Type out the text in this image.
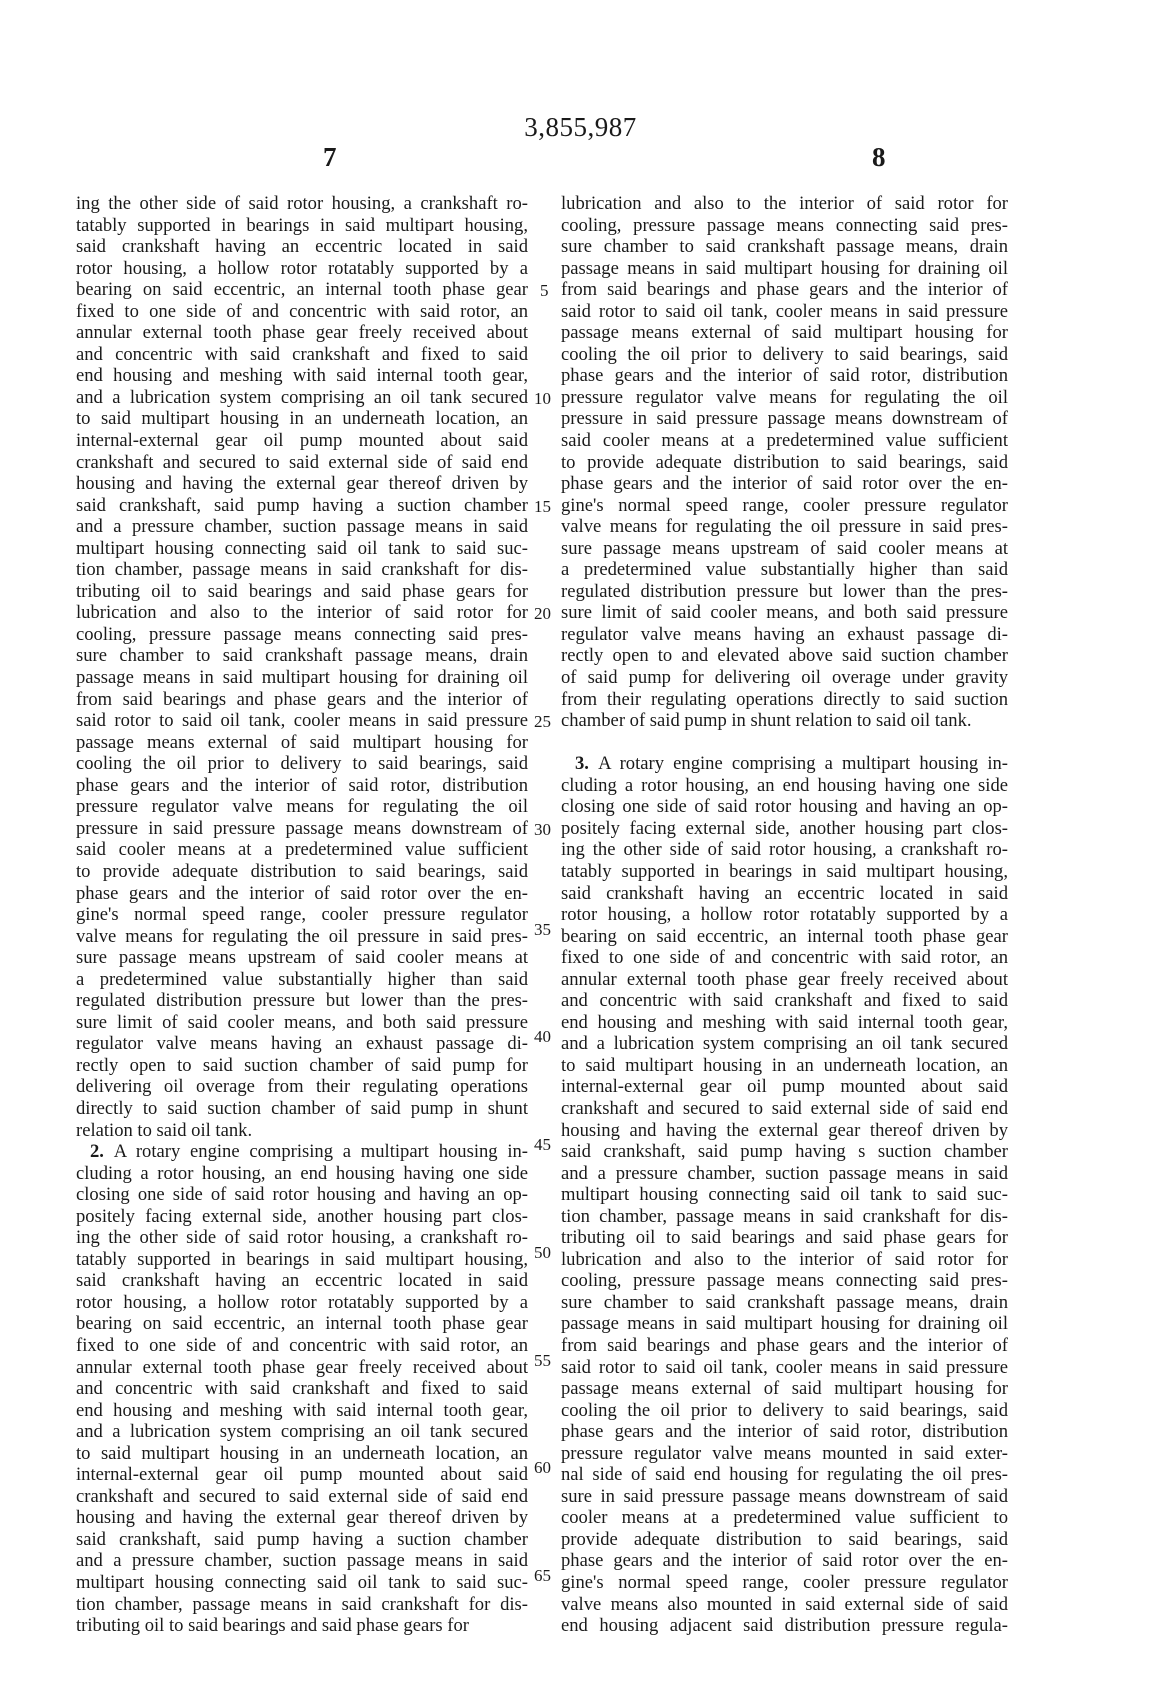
3,855,987
7	8
ing the other side of said rotor housing, a crankshaft ro-
tatably supported in bearings in said multipart housing,
said crankshaft having an eccentric located in said
rotor housing, a hollow rotor rotatably supported by a
bearing on said eccentric, an internal tooth phase gear
fixed to one side of and concentric with said rotor, an
annular external tooth phase gear freely received about
and concentric with said crankshaft and fixed to said
end housing and meshing with said internal tooth gear,
and a lubrication system comprising an oil tank secured
to said multipart housing in an underneath location, an
internal-external gear oil pump mounted about said
crankshaft and secured to said external side of said end
housing and having the external gear thereof driven by
said crankshaft, said pump having a suction chamber
and a pressure chamber, suction passage means in said
multipart housing connecting said oil tank to said suc-
tion chamber, passage means in said crankshaft for dis-
tributing oil to said bearings and said phase gears for
lubrication and also to the interior of said rotor for
cooling, pressure passage means connecting said pres-
sure chamber to said crankshaft passage means, drain
passage means in said multipart housing for draining oil
from said bearings and phase gears and the interior of
said rotor to said oil tank, cooler means in said pressure
passage means external of said multipart housing for
cooling the oil prior to delivery to said bearings, said
phase gears and the interior of said rotor, distribution
pressure regulator valve means for regulating the oil
pressure in said pressure passage means downstream of
said cooler means at a predetermined value sufficient
to provide adequate distribution to said bearings, said
phase gears and the interior of said rotor over the en-
gine's normal speed range, cooler pressure regulator
valve means for regulating the oil pressure in said pres-
sure passage means upstream of said cooler means at
a predetermined value substantially higher than said
regulated distribution pressure but lower than the pres-
sure limit of said cooler means, and both said pressure
regulator valve means having an exhaust passage di-
rectly open to said suction chamber of said pump for
delivering oil overage from their regulating operations
directly to said suction chamber of said pump in shunt
relation to said oil tank.
2. A rotary engine comprising a multipart housing in-
cluding a rotor housing, an end housing having one side
closing one side of said rotor housing and having an op-
positely facing external side, another housing part clos-
ing the other side of said rotor housing, a crankshaft ro-
tatably supported in bearings in said multipart housing,
said crankshaft having an eccentric located in said
rotor housing, a hollow rotor rotatably supported by a
bearing on said eccentric, an internal tooth phase gear
fixed to one side of and concentric with said rotor, an
annular external tooth phase gear freely received about
and concentric with said crankshaft and fixed to said
end housing and meshing with said internal tooth gear,
and a lubrication system comprising an oil tank secured
to said multipart housing in an underneath location, an
internal-external gear oil pump mounted about said
crankshaft and secured to said external side of said end
housing and having the external gear thereof driven by
said crankshaft, said pump having a suction chamber
and a pressure chamber, suction passage means in said
multipart housing connecting said oil tank to said suc-
tion chamber, passage means in said crankshaft for dis-
tributing oil to said bearings and said phase gears for
lubrication and also to the interior of said rotor for
cooling, pressure passage means connecting said pres-
sure chamber to said crankshaft passage means, drain
passage means in said multipart housing for draining oil
from said bearings and phase gears and the interior of
said rotor to said oil tank, cooler means in said pressure
passage means external of said multipart housing for
cooling the oil prior to delivery to said bearings, said
phase gears and the interior of said rotor, distribution
pressure regulator valve means for regulating the oil
pressure in said pressure passage means downstream of
said cooler means at a predetermined value sufficient
to provide adequate distribution to said bearings, said
phase gears and the interior of said rotor over the en-
gine's normal speed range, cooler pressure regulator
valve means for regulating the oil pressure in said pres-
sure passage means upstream of said cooler means at
a predetermined value substantially higher than said
regulated distribution pressure but lower than the pres-
sure limit of said cooler means, and both said pressure
regulator valve means having an exhaust passage di-
rectly open to and elevated above said suction chamber
of said pump for delivering oil overage under gravity
from their regulating operations directly to said suction
chamber of said pump in shunt relation to said oil tank.
3. A rotary engine comprising a multipart housing in-
cluding a rotor housing, an end housing having one side
closing one side of said rotor housing and having an op-
positely facing external side, another housing part clos-
ing the other side of said rotor housing, a crankshaft ro-
tatably supported in bearings in said multipart housing,
said crankshaft having an eccentric located in said
rotor housing, a hollow rotor rotatably supported by a
bearing on said eccentric, an internal tooth phase gear
fixed to one side of and concentric with said rotor, an
annular external tooth phase gear freely received about
and concentric with said crankshaft and fixed to said
end housing and meshing with said internal tooth gear,
and a lubrication system comprising an oil tank secured
to said multipart housing in an underneath location, an
internal-external gear oil pump mounted about said
crankshaft and secured to said external side of said end
housing and having the external gear thereof driven by
said crankshaft, said pump having s suction chamber
and a pressure chamber, suction passage means in said
multipart housing connecting said oil tank to said suc-
tion chamber, passage means in said crankshaft for dis-
tributing oil to said bearings and said phase gears for
lubrication and also to the interior of said rotor for
cooling, pressure passage means connecting said pres-
sure chamber to said crankshaft passage means, drain
passage means in said multipart housing for draining oil
from said bearings and phase gears and the interior of
said rotor to said oil tank, cooler means in said pressure
passage means external of said multipart housing for
cooling the oil prior to delivery to said bearings, said
phase gears and the interior of said rotor, distribution
pressure regulator valve means mounted in said exter-
nal side of said end housing for regulating the oil pres-
sure in said pressure passage means downstream of said
cooler means at a predetermined value sufficient to
provide adequate distribution to said bearings, said
phase gears and the interior of said rotor over the en-
gine's normal speed range, cooler pressure regulator
valve means also mounted in said external side of said
end housing adjacent said distribution pressure regula-
5
10
15
20
25
30
35
40
45
50
55
60
65
